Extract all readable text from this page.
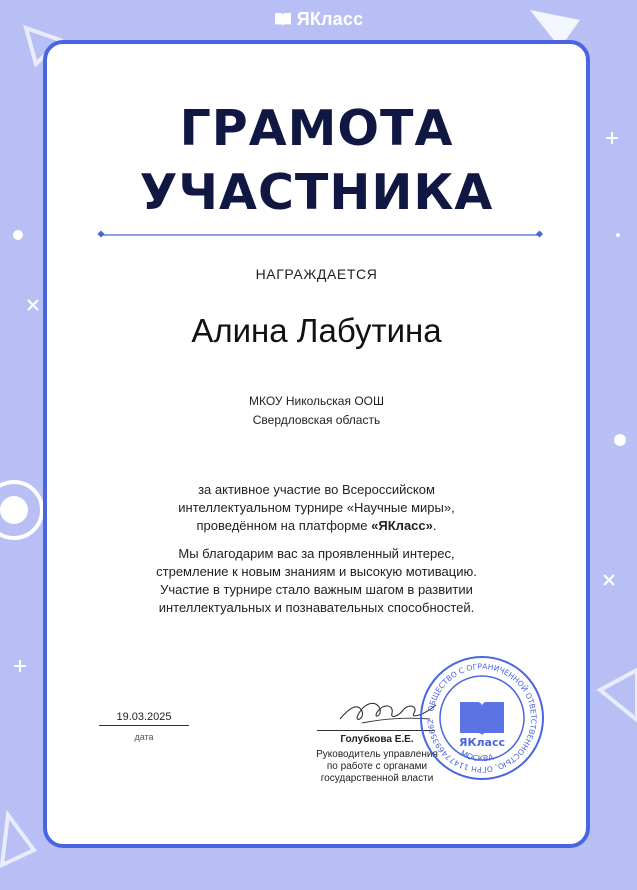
ЯКласс
ГРАМОТА
УЧАСТНИКА
НАГРАЖДАЕТСЯ
Алина Лабутина
МКОУ Никольская ООШ
Свердловская область
за активное участие во Всероссийском
интеллектуальном турнире «Научные миры»,
проведённом на платформе «ЯКласс».
Мы благодарим вас за проявленный интерес,
стремление к новым знаниям и высокую мотивацию.
Участие в турнире стало важным шагом в развитии
интеллектуальных и познавательных способностей.
19.03.2025
дата	Голубкова Е.Е.
Руководитель управления
по работе с органами
государственной власти
ОБЩЕСТВО С ОГРАНИЧЕННОЙ ОТВЕТСТВЕННОСТЬЮ, ОГРН 1147746935662
МОСКВА
ЯКласс
